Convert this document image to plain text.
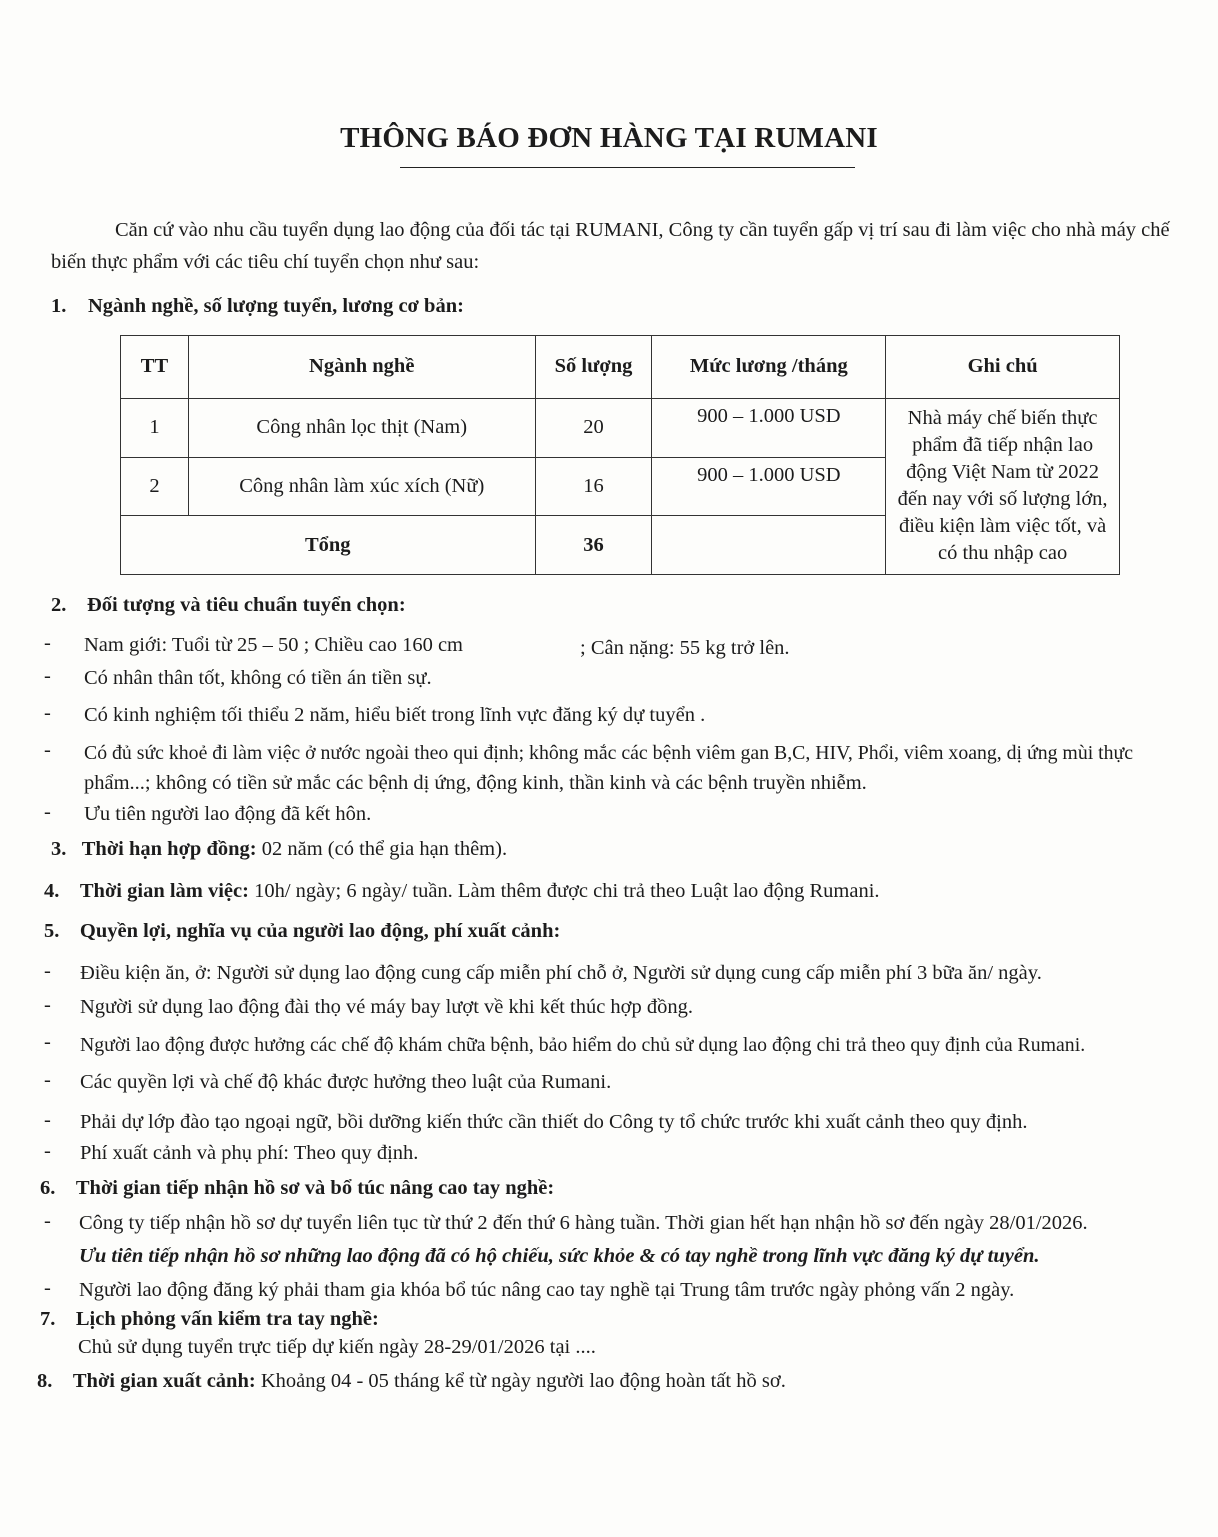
THÔNG BÁO ĐƠN HÀNG TẠI RUMANI
Căn cứ vào nhu cầu tuyển dụng lao động của đối tác tại RUMANI, Công ty cần tuyển gấp vị trí sau đi làm việc cho nhà máy chế biến thực phẩm với các tiêu chí tuyển chọn như sau:
1. Ngành nghề, số lượng tuyển, lương cơ bản:
TT	Ngành nghề	Số lượng	Mức lương /tháng	Ghi chú
1	Công nhân lọc thịt (Nam)	20	900 – 1.000 USD	Nhà máy chế biến thực phẩm đã tiếp nhận lao động Việt Nam từ 2022 đến nay với số lượng lớn, điều kiện làm việc tốt, và có thu nhập cao
2	Công nhân làm xúc xích (Nữ)	16	900 – 1.000 USD	
Tổng		36		
2. Đối tượng và tiêu chuẩn tuyển chọn:
- Nam giới: Tuổi từ 25 – 50 ; Chiều cao 160 cm	; Cân nặng: 55 kg trở lên.
- Có nhân thân tốt, không có tiền án tiền sự.
- Có kinh nghiệm tối thiểu 2 năm, hiểu biết trong lĩnh vực đăng ký dự tuyển .
- Có đủ sức khoẻ đi làm việc ở nước ngoài theo qui định; không mắc các bệnh viêm gan B,C, HIV, Phổi, viêm xoang, dị ứng mùi thực
phẩm...; không có tiền sử mắc các bệnh dị ứng, động kinh, thần kinh và các bệnh truyền nhiễm.
- Ưu tiên người lao động đã kết hôn.
3. Thời hạn hợp đồng: 02 năm (có thể gia hạn thêm).
4. Thời gian làm việc: 10h/ ngày; 6 ngày/ tuần. Làm thêm được chi trả theo Luật lao động Rumani.
5. Quyền lợi, nghĩa vụ của người lao động, phí xuất cảnh:
- Điều kiện ăn, ở: Người sử dụng lao động cung cấp miễn phí chỗ ở, Người sử dụng cung cấp miễn phí 3 bữa ăn/ ngày.
- Người sử dụng lao động đài thọ vé máy bay lượt về khi kết thúc hợp đồng.
- Người lao động được hưởng các chế độ khám chữa bệnh, bảo hiểm do chủ sử dụng lao động chi trả theo quy định của Rumani.
- Các quyền lợi và chế độ khác được hưởng theo luật của Rumani.
- Phải dự lớp đào tạo ngoại ngữ, bồi dưỡng kiến thức cần thiết do Công ty tổ chức trước khi xuất cảnh theo quy định.
- Phí xuất cảnh và phụ phí: Theo quy định.
6. Thời gian tiếp nhận hồ sơ và bổ túc nâng cao tay nghề:
- Công ty tiếp nhận hồ sơ dự tuyển liên tục từ thứ 2 đến thứ 6 hàng tuần. Thời gian hết hạn nhận hồ sơ đến ngày 28/01/2026.
Ưu tiên tiếp nhận hồ sơ những lao động đã có hộ chiếu, sức khỏe & có tay nghề trong lĩnh vực đăng ký dự tuyển.
- Người lao động đăng ký phải tham gia khóa bổ túc nâng cao tay nghề tại Trung tâm trước ngày phỏng vấn 2 ngày.
7. Lịch phỏng vấn kiểm tra tay nghề:
Chủ sử dụng tuyển trực tiếp dự kiến ngày 28-29/01/2026 tại ....
8. Thời gian xuất cảnh: Khoảng 04 - 05 tháng kể từ ngày người lao động hoàn tất hồ sơ.
